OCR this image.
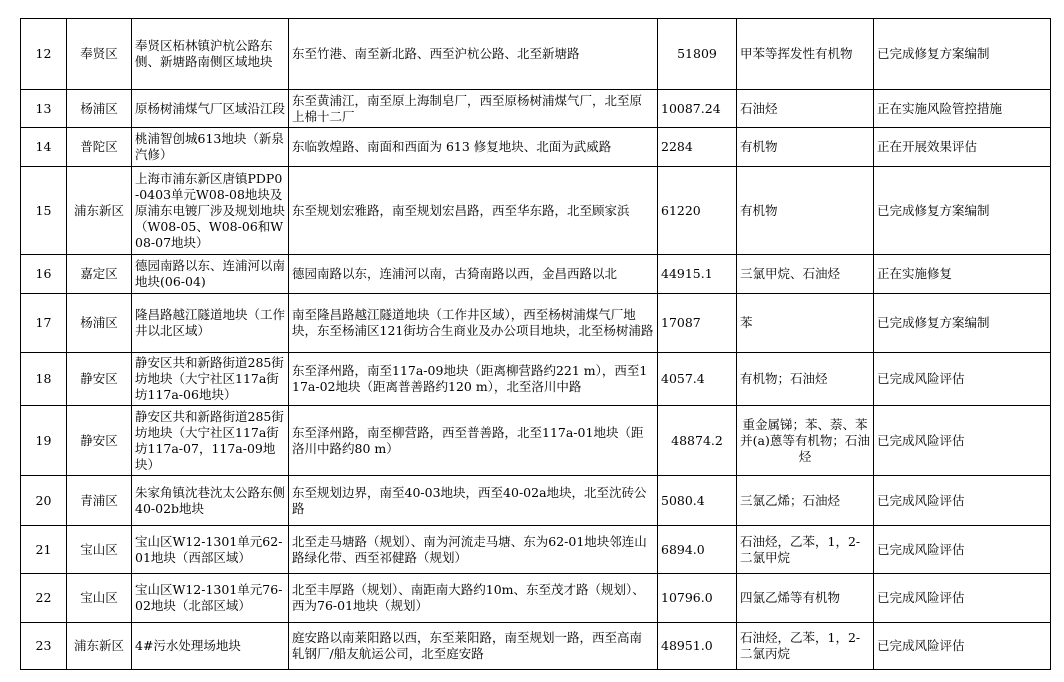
12	奉贤区	奉贤区柘林镇沪杭公路东侧、新塘路南侧区域地块	东至竹港、南至新北路、西至沪杭公路、北至新塘路	51809	甲苯等挥发性有机物	已完成修复方案编制
13	杨浦区	原杨树浦煤气厂区域沿江段	东至黄浦江，南至原上海制皂厂，西至原杨树浦煤气厂，北至原上棉十二厂	10087.24	石油烃	正在实施风险管控措施
14	普陀区	桃浦智创城613地块（新泉汽修）	东临敦煌路、南面和西面为 613 修复地块、北面为武威路	2284	有机物	正在开展效果评估
15	浦东新区	上海市浦东新区唐镇PDP0-0403单元W08-08地块及原浦东电镀厂涉及规划地块（W08-05、W08-06和W08-07地块）	东至规划宏雅路，南至规划宏昌路，西至华东路，北至顾家浜	61220	有机物	已完成修复方案编制
16	嘉定区	德园南路以东、连浦河以南地块(06-04)	德园南路以东，连浦河以南，古猗南路以西，金昌西路以北	44915.1	三氯甲烷、石油烃	正在实施修复
17	杨浦区	隆昌路越江隧道地块（工作井以北区域）	南至隆昌路越江隧道地块（工作井区域），西至杨树浦煤气厂地块，东至杨浦区121街坊合生商业及办公项目地块，北至杨树浦路	17087	苯	已完成修复方案编制
18	静安区	静安区共和新路街道285街坊地块（大宁社区117a街坊117a-06地块）	东至泽州路，南至117a-09地块（距离柳营路约221 m），西至117a-02地块（距离普善路约120 m），北至洛川中路	4057.4	有机物；石油烃	已完成风险评估
19	静安区	静安区共和新路街道285街坊地块（大宁社区117a街坊117a-07，117a-09地块）	东至泽州路，南至柳营路，西至普善路，北至117a-01地块（距洛川中路约80 m）	48874.2	重金属锑；苯、萘、苯并(a)蒽等有机物；石油烃	已完成风险评估
20	青浦区	朱家角镇沈巷沈太公路东侧40-02b地块	东至规划边界，南至40-03地块，西至40-02a地块，北至沈砖公路	5080.4	三氯乙烯；石油烃	已完成风险评估
21	宝山区	宝山区W12-1301单元62-01地块（西部区域）	北至走马塘路（规划）、南为河流走马塘、东为62-01地块邻连山路绿化带、西至祁健路（规划）	6894.0	石油烃，乙苯，1，2-二氯甲烷	已完成风险评估
22	宝山区	宝山区W12-1301单元76-02地块（北部区域）	北至丰厚路（规划）、南距南大路约10m、东至茂才路（规划）、西为76-01地块（规划）	10796.0	四氯乙烯等有机物	已完成风险评估
23	浦东新区	4#污水处理场地块	庭安路以南莱阳路以西，东至莱阳路，南至规划一路，西至高南轧钢厂/船友航运公司，北至庭安路	48951.0	石油烃，乙苯，1，2-二氯丙烷	已完成风险评估
